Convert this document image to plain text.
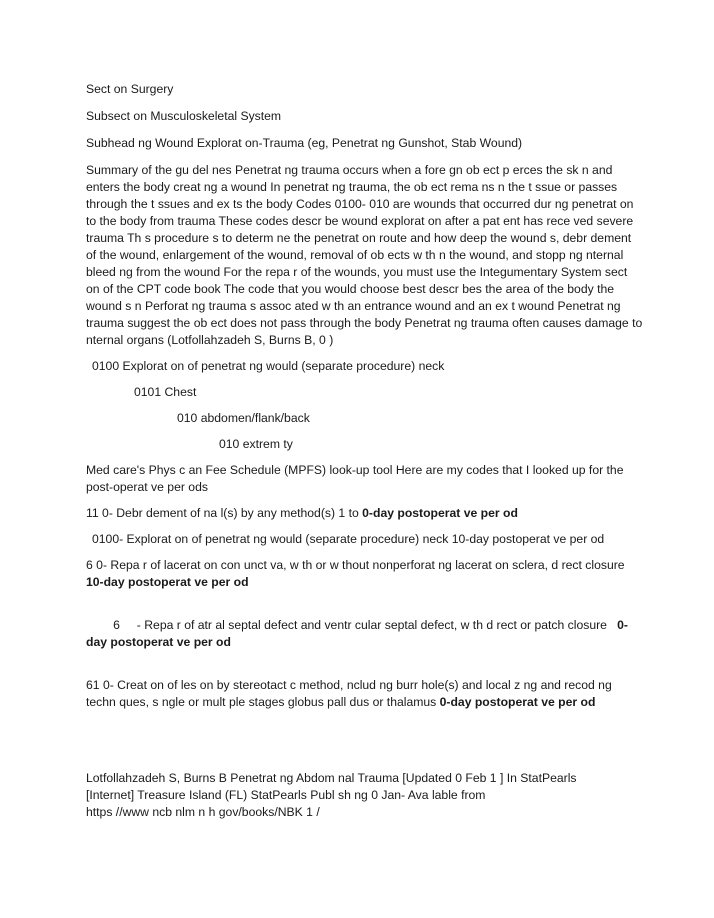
Sect on Surgery

Subsect on Musculoskeletal System

Subhead ng Wound Explorat on-Trauma (eg, Penetrat ng Gunshot, Stab Wound)

Summary of the gu del nes Penetrat ng trauma occurs when a fore gn ob ect p erces the sk n and enters the body creat ng a wound In penetrat ng trauma, the ob ect rema ns n the t ssue or passes through the t ssues and ex ts the body Codes 0100- 010 are wounds that occurred dur ng penetrat on to the body from trauma These codes descr be wound explorat on after a pat ent has rece ved severe trauma Th s procedure s to determ ne the penetrat on route and how deep the wound s, debr dement of the wound, enlargement of the wound, removal of ob ects w th n the wound, and stopp ng nternal bleed ng from the wound For the repa r of the wounds, you must use the Integumentary System sect on of the CPT code book The code that you would choose best descr bes the area of the body the wound s n Perforat ng trauma s assoc ated w th an entrance wound and an ex t wound Penetrat ng trauma suggest the ob ect does not pass through the body Penetrat ng trauma often causes damage to nternal organs (Lotfollahzadeh S, Burns B, 0 )

0100 Explorat on of penetrat ng would (separate procedure) neck

0101 Chest

010 abdomen/flank/back

010 extrem ty

Med care's Phys c an Fee Schedule (MPFS) look-up tool Here are my codes that I looked up for the post-operat ve per ods

11 0- Debr dement of na l(s) by any method(s) 1 to 0-day postoperat ve per od

0100- Explorat on of penetrat ng would (separate procedure) neck 10-day postoperat ve per od

6 0- Repa r of lacerat on con unct va, w th or w thout nonperforat ng lacerat on sclera, d rect closure 10-day postoperat ve per od

6     - Repa r of atr al septal defect and ventr cular septal defect, w th d rect or patch closure   0-day postoperat ve per od

61 0- Creat on of les on by stereotact c method, nclud ng burr hole(s) and local z ng and recod ng techn ques, s ngle or mult ple stages globus pall dus or thalamus 0-day postoperat ve per od

Lotfollahzadeh S, Burns B Penetrat ng Abdom nal Trauma [Updated 0 Feb 1 ] In StatPearls

[Internet] Treasure Island (FL) StatPearls Publ sh ng 0 Jan- Ava lable from

https //www ncb nlm n h gov/books/NBK 1 /
